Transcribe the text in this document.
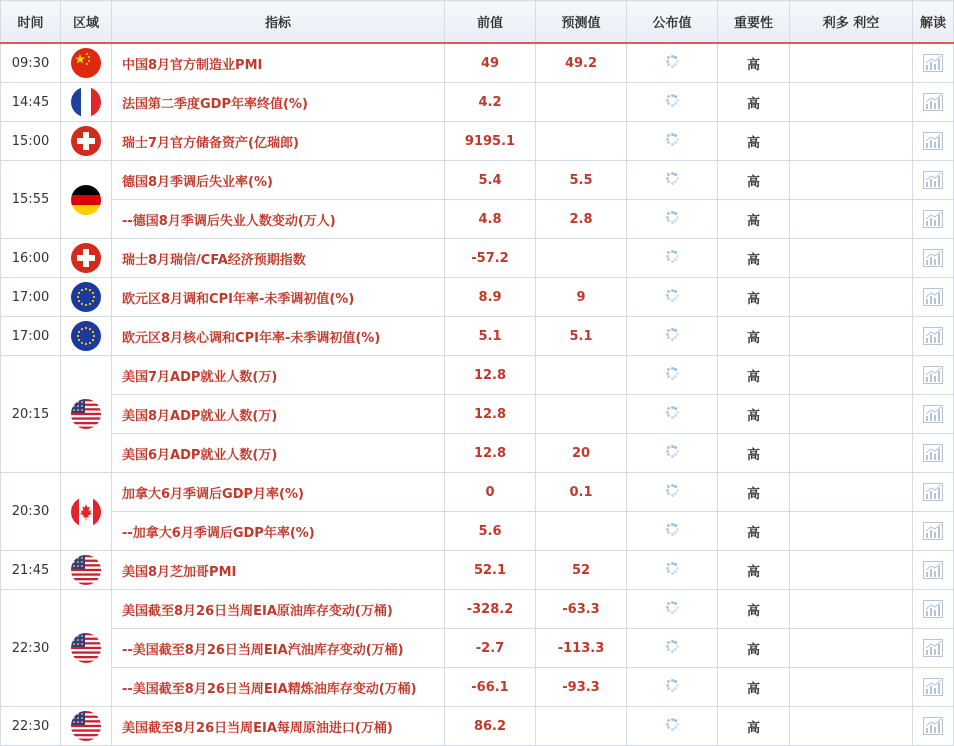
时间	区域	指标	前值	预测值	公布值	重要性	利多 利空	解读
09:30		中国8月官方制造业PMI	49	49.2		高		
14:45		法国第二季度GDP年率终值(%)	4.2			高		
15:00		瑞士7月官方储备资产(亿瑞郎)	9195.1			高		
15:55		德国8月季调后失业率(%)	5.4	5.5		高		
		--德国8月季调后失业人数变动(万人)	4.8	2.8		高		
16:00		瑞士8月瑞信/CFA经济预期指数	-57.2			高		
17:00		欧元区8月调和CPI年率-未季调初值(%)	8.9	9		高		
17:00		欧元区8月核心调和CPI年率-未季调初值(%)	5.1	5.1		高		
20:15		美国7月ADP就业人数(万)	12.8			高		
		美国8月ADP就业人数(万)	12.8			高		
		美国6月ADP就业人数(万)	12.8	20		高		
20:30		加拿大6月季调后GDP月率(%)	0	0.1		高		
		--加拿大6月季调后GDP年率(%)	5.6			高		
21:45		美国8月芝加哥PMI	52.1	52		高		
22:30		美国截至8月26日当周EIA原油库存变动(万桶)	-328.2	-63.3		高		
		--美国截至8月26日当周EIA汽油库存变动(万桶)	-2.7	-113.3		高		
		--美国截至8月26日当周EIA精炼油库存变动(万桶)	-66.1	-93.3		高		
22:30		美国截至8月26日当周EIA每周原油进口(万桶)	86.2			高		
